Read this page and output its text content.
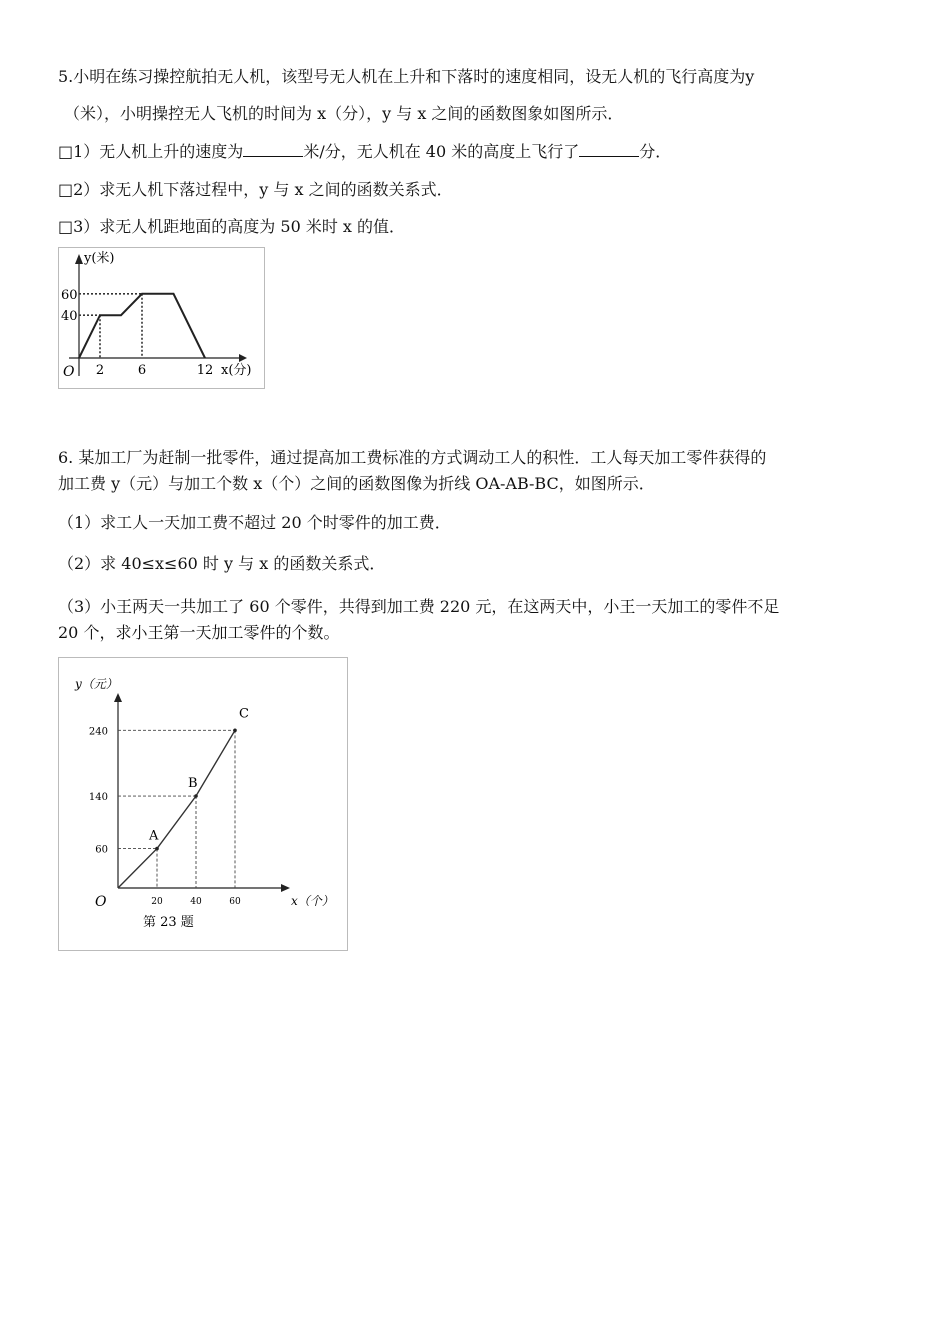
5.小明在练习操控航拍无人机，该型号无人机在上升和下落时的速度相同，设无人机的飞行高度为y
（米），小明操控无人飞机的时间为 x（分），y 与 x 之间的函数图象如图所示．
□1）无人机上升的速度为	米/分，无人机在 40 米的高度上飞行了	分．
□2）求无人机下落过程中，y 与 x 之间的函数关系式．
□3）求无人机距地面的高度为 50 米时 x 的值．
2	6	12
40
60
O	x(分)
y(米)
6. 某加工厂为赶制一批零件，通过提高加工费标准的方式调动工人的积性．工人每天加工零件获得的
加工费 y（元）与加工个数 x（个）之间的函数图像为折线 OA-AB-BC，如图所示．
（1）求工人一天加工费不超过 20 个时零件的加工费．
（2）求 40≤x≤60 时 y 与 x 的函数关系式．
（3）小王两天一共加工了 60 个零件，共得到加工费 220 元，在这两天中，小王一天加工的零件不足
20 个，求小王第一天加工零件的个数。
A
B
C
20	40	60
60
140
240
O	x（个）
y（元）
第 23 题
